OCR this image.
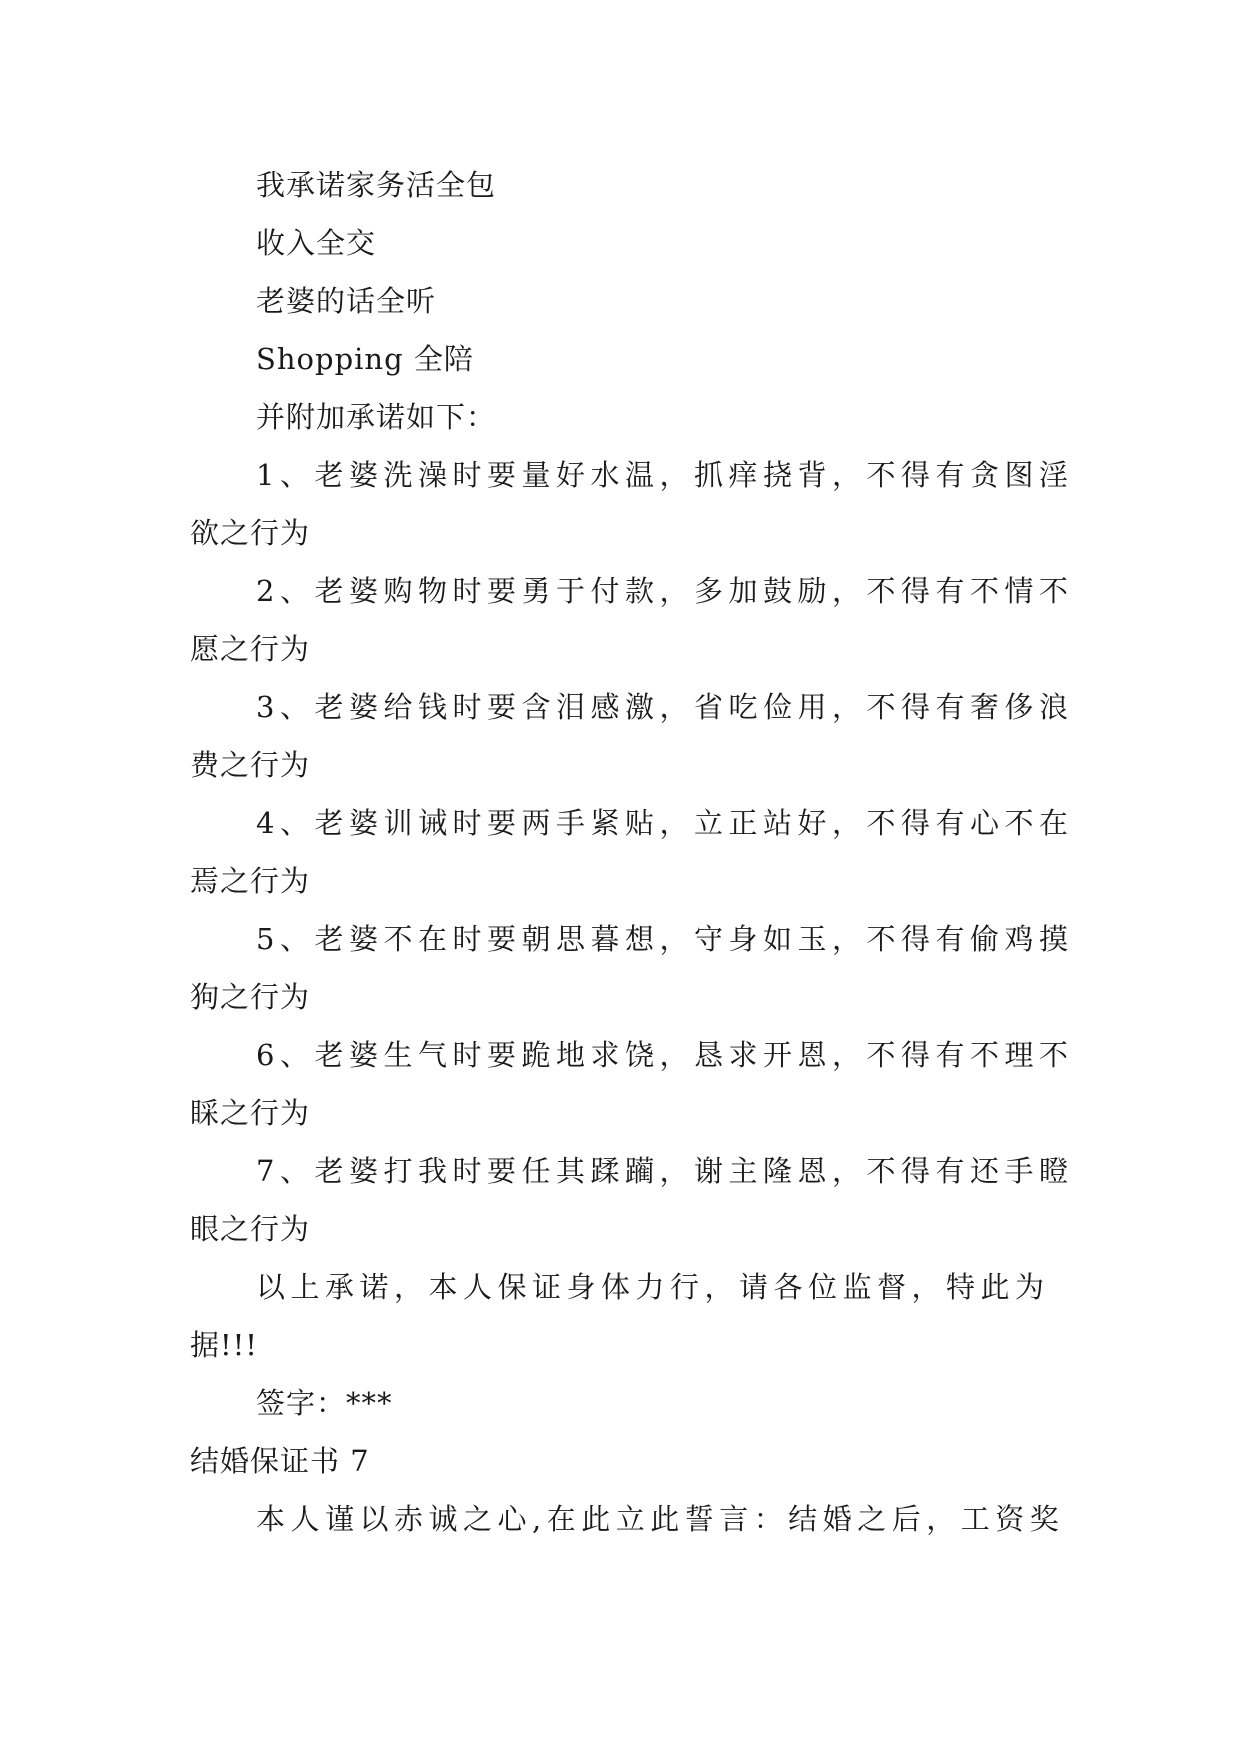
我承诺家务活全包
收入全交
老婆的话全听
Shopping 全陪
并附加承诺如下：
1、老婆洗澡时要量好水温，抓痒挠背，不得有贪图淫
欲之行为
2、老婆购物时要勇于付款，多加鼓励，不得有不情不
愿之行为
3、老婆给钱时要含泪感激，省吃俭用，不得有奢侈浪
费之行为
4、老婆训诫时要两手紧贴，立正站好，不得有心不在
焉之行为
5、老婆不在时要朝思暮想，守身如玉，不得有偷鸡摸
狗之行为
6、老婆生气时要跪地求饶，恳求开恩，不得有不理不
睬之行为
7、老婆打我时要任其蹂躏，谢主隆恩，不得有还手瞪
眼之行为
以上承诺，本人保证身体力行，请各位监督，特此为
据!!!
签字：***
结婚保证书 7
本人谨以赤诚之心,在此立此誓言：结婚之后，工资奖
